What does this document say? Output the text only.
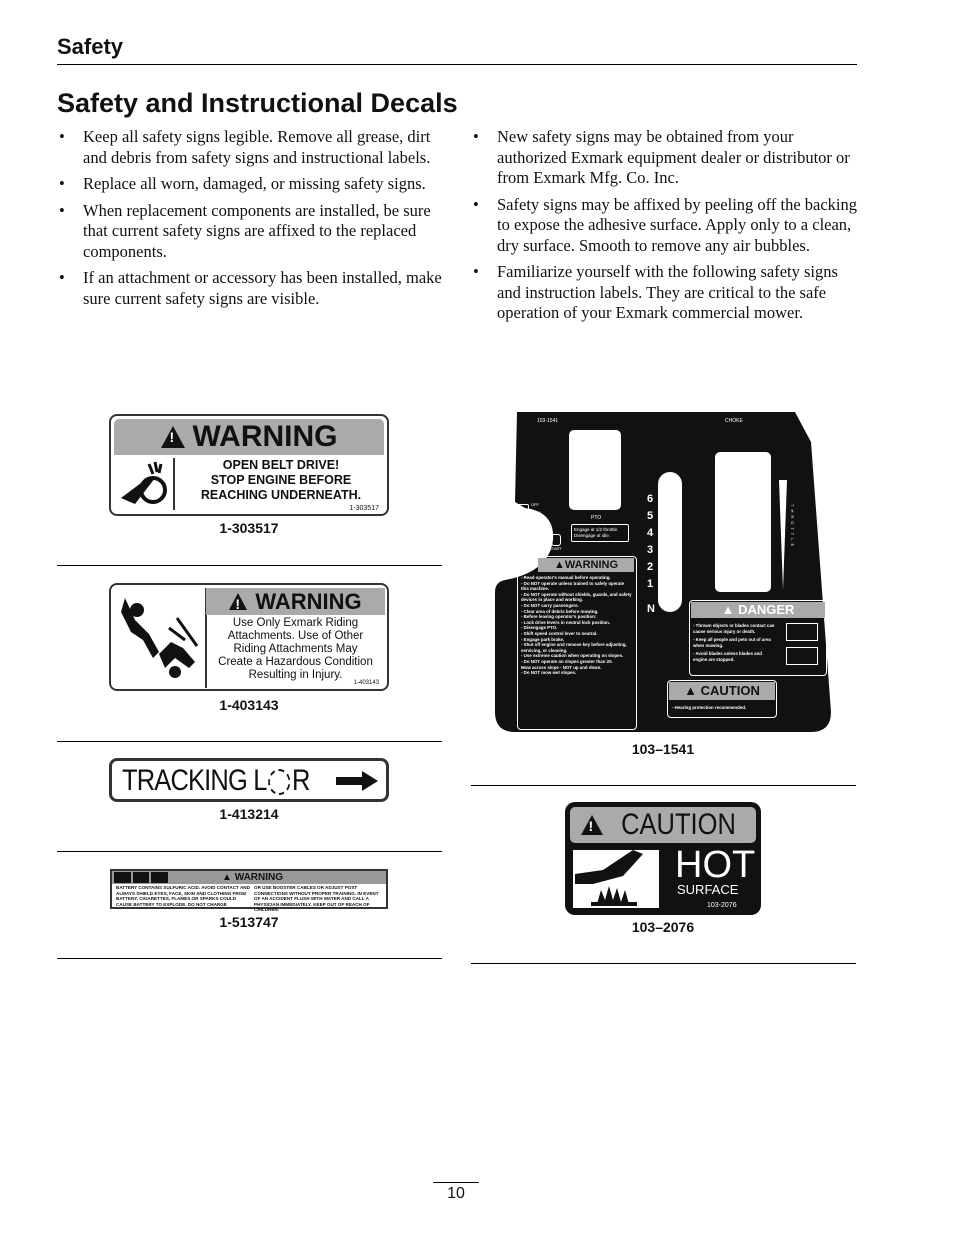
Safety
Safety and Instructional Decals
• Keep all safety signs legible. Remove all grease, dirt and debris from safety signs and instructional labels.
• Replace all worn, damaged, or missing safety signs.
• When replacement components are installed, be sure that current safety signs are affixed to the replaced components.
• If an attachment or accessory has been installed, make sure current safety signs are visible.
• New safety signs may be obtained from your authorized Exmark equipment dealer or distributor or from Exmark Mfg. Co. Inc.
• Safety signs may be affixed by peeling off the backing to expose the adhesive surface. Apply only to a clean, dry surface. Smooth to remove any air bubbles.
• Familiarize yourself with the following safety signs and instruction labels. They are critical to the safe operation of your Exmark commercial mower.
!
WARNING
OPEN BELT DRIVE!
STOP ENGINE BEFORE
REACHING UNDERNEATH.
1-303517
1-303517
!
WARNING
Use Only Exmark Riding
Attachments. Use of Other
Riding Attachments May
Create a Hazardous Condition
Resulting in Injury.
1-403143
1-403143
TRACKING L R
1-413214
▲ WARNING
BATTERY CONTAINS SULFURIC ACID. AVOID CONTACT AND ALWAYS SHIELD EYES, FACE, SKIN AND CLOTHING FROM BATTERY. CIGARETTES, FLAMES OR SPARKS COULD CAUSE BATTERY TO EXPLODE. DO NOT CHARGE
OR USE BOOSTER CABLES OR ADJUST POST CONNECTIONS WITHOUT PROPER TRAINING. IN EVENT OF AN ACCIDENT FLUSH WITH WATER AND CALL A PHYSICIAN IMMEDIATELY. KEEP OUT OF REACH OF CHILDREN.
1-513747
103-1541	CHOKE
OFF
ON
START
PTO
Engage at 1/2 throttle. Disengage at idle.
6
5
4
3
2
1
N
THROTTLE
▲WARNING
- Read operator's manual before operating.
- Do NOT operate unless trained to safely operate this machine.
- Do NOT operate without shields, guards, and safety devices in place and working.
- Do NOT carry passengers.
- Clear area of debris before mowing.
- Before leaving operator's position:
- Lock drive levers in neutral lock position.
- Disengage PTO.
- Shift speed control lever to neutral.
- Engage park brake.
- Shut off engine and remove key before adjusting, servicing, or cleaning.
- Use extreme caution when operating on slopes.
- Do NOT operate on slopes greater than 20.
Mow across slope - NOT up and down.
- Do NOT mow wet slopes.
▲ DANGER
- Thrown objects or blades contact can cause serious injury or death.
- Keep all people and pets out of area when mowing.
- Avoid blades unless blades and engine are stopped.
▲ CAUTION
- Hearing protection recommended.
103–1541
!
CAUTION
HOT
SURFACE
103-2076
103–2076
10
